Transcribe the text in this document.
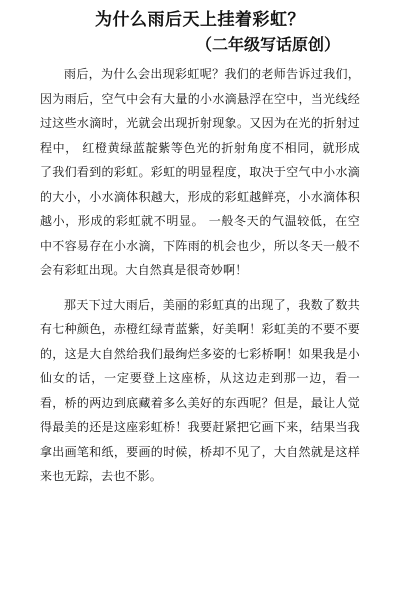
为什么雨后天上挂着彩虹？
（二年级写话原创）

雨后，为什么会出现彩虹呢？我们的老师告诉过我们，因为雨后，空气中会有大量的小水滴悬浮在空中，当光线经过这些水滴时，光就会出现折射现象。又因为在光的折射过程中， 红橙黄绿蓝靛紫等色光的折射角度不相同，就形成了我们看到的彩虹。彩虹的明显程度，取决于空气中小水滴的大小，小水滴体积越大，形成的彩虹越鲜亮，小水滴体积越小，形成的彩虹就不明显。 一般冬天的气温较低，在空中不容易存在小水滴，下阵雨的机会也少，所以冬天一般不会有彩虹出现。大自然真是很奇妙啊！

那天下过大雨后，美丽的彩虹真的出现了，我数了数共有七种颜色，赤橙红绿青蓝紫，好美啊！彩虹美的不要不要的，这是大自然给我们最绚烂多姿的七彩桥啊！如果我是小仙女的话，一定要登上这座桥，从这边走到那一边，看一看，桥的两边到底藏着多么美好的东西呢？但是，最让人觉得最美的还是这座彩虹桥！我要赶紧把它画下来，结果当我拿出画笔和纸，要画的时候，桥却不见了，大自然就是这样来也无踪，去也不影。
